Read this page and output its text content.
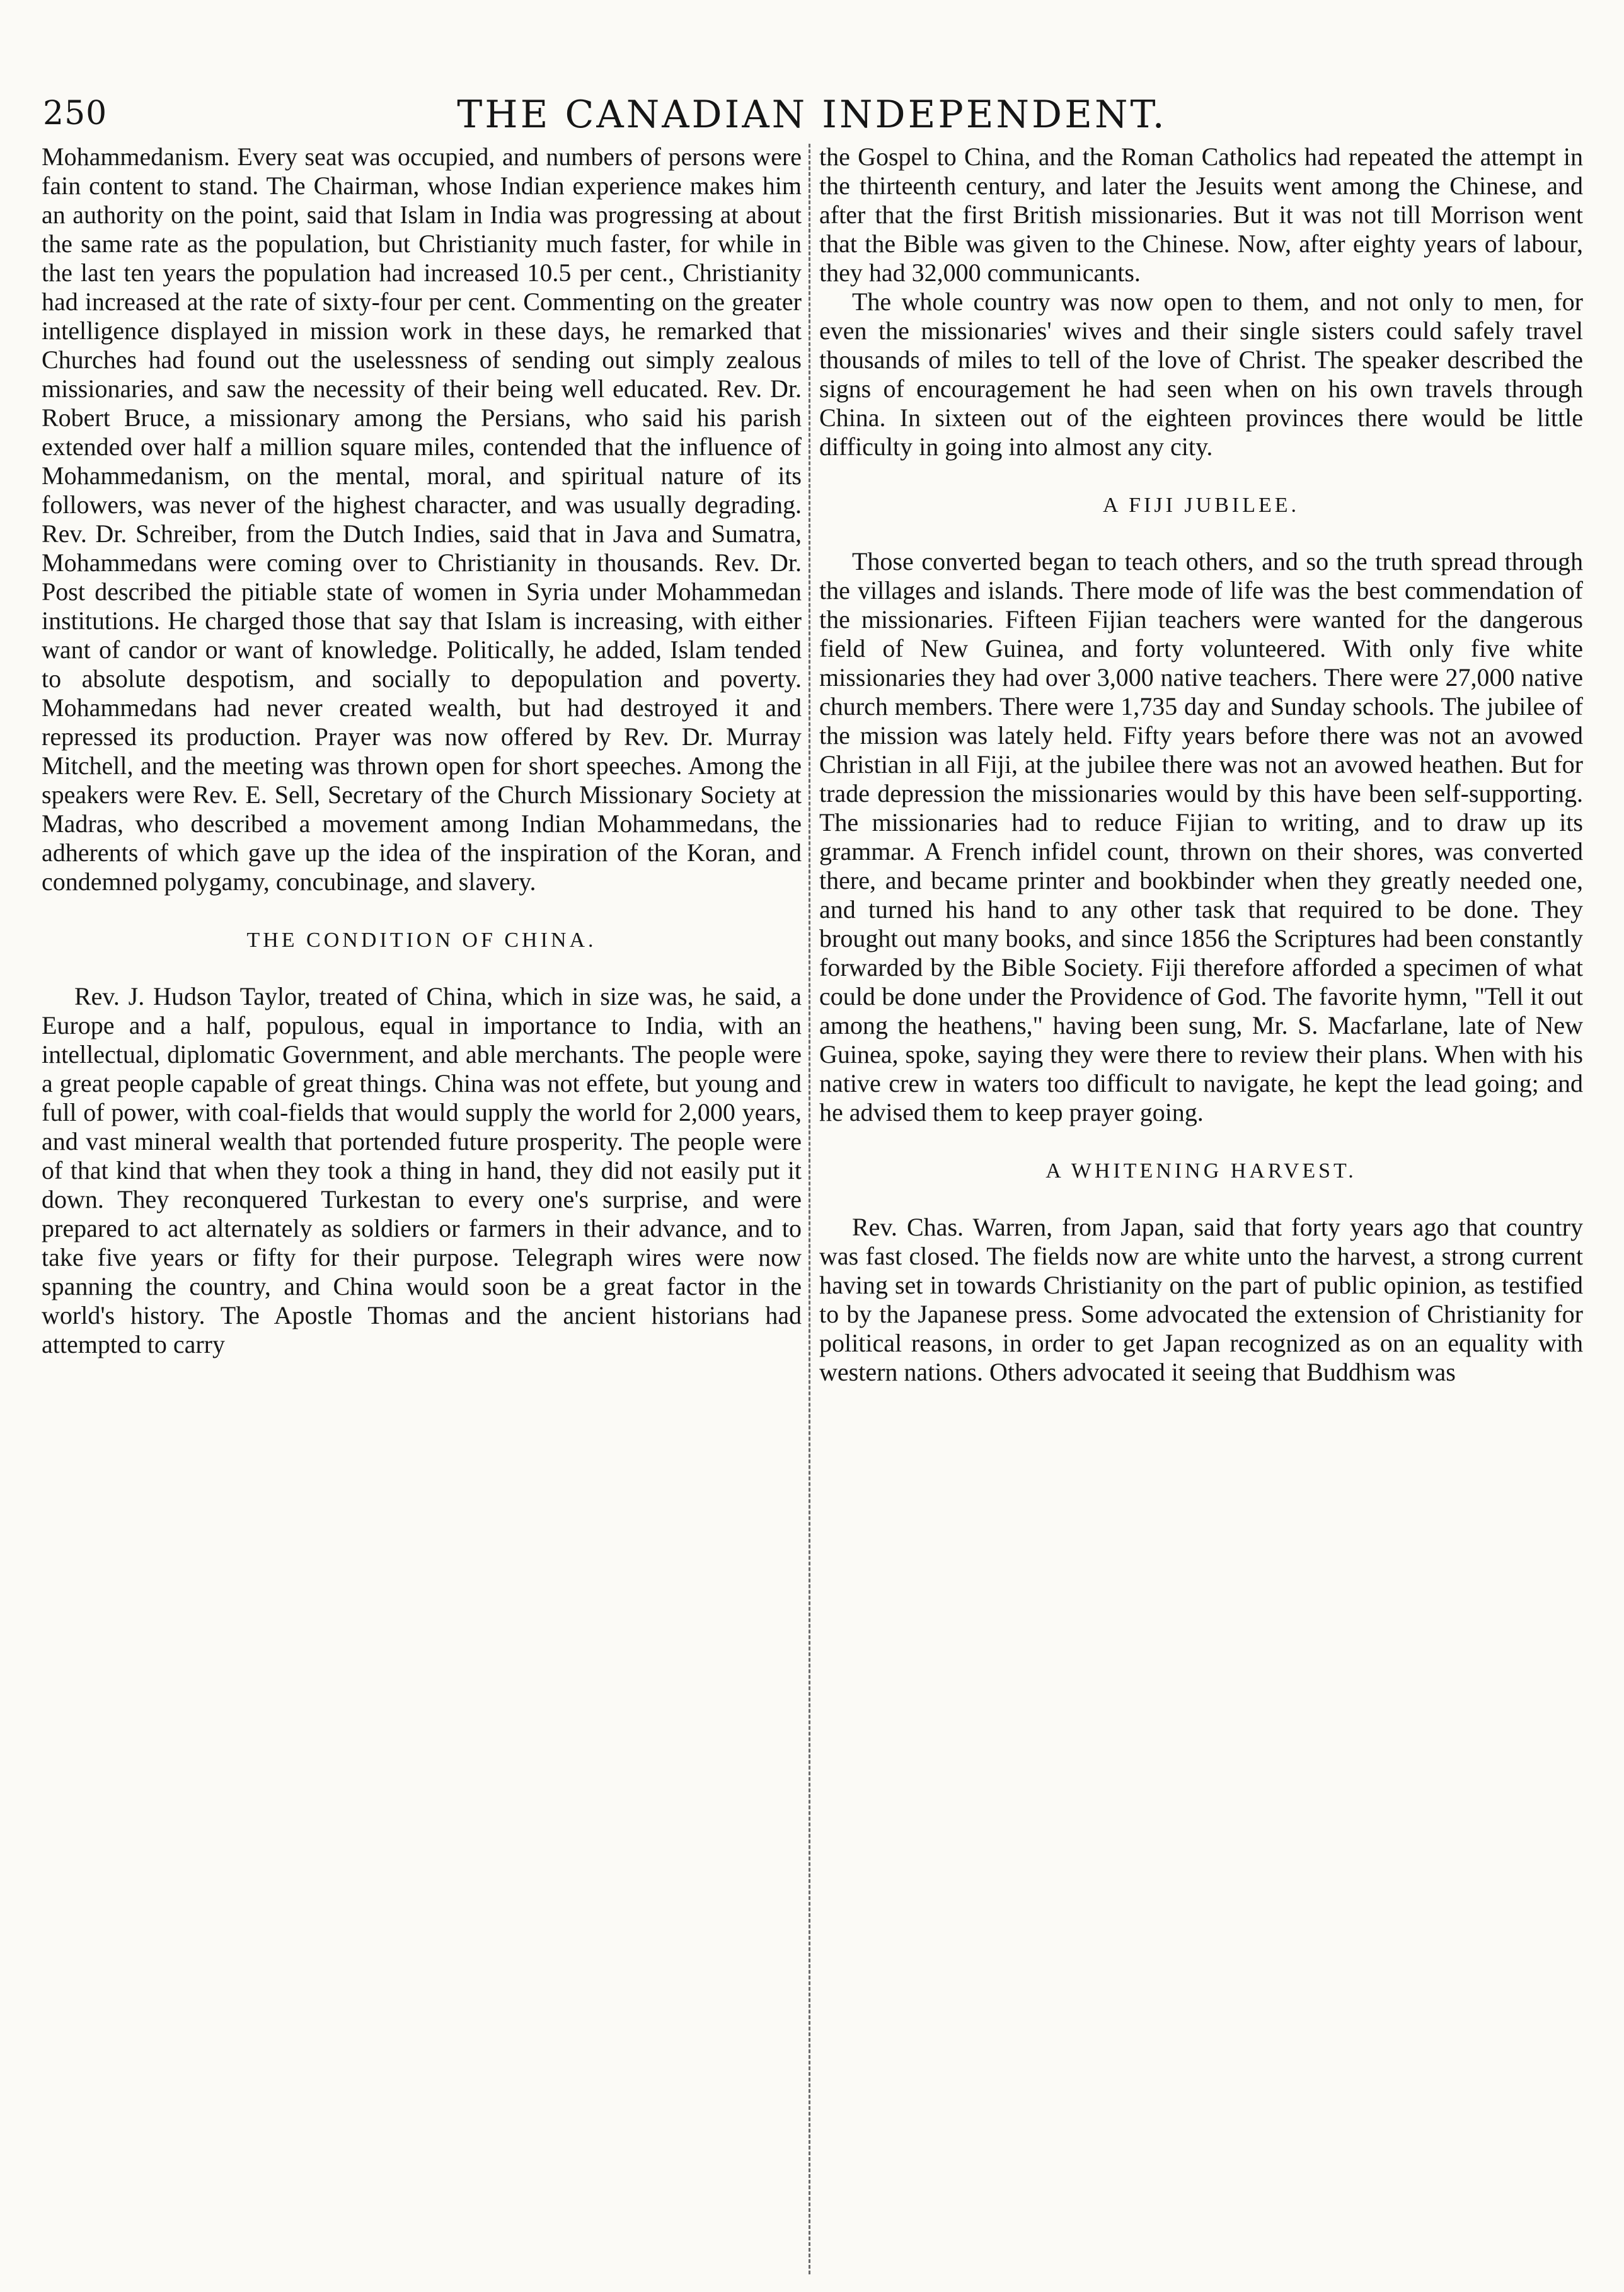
250	THE CANADIAN INDEPENDENT.

Mohammedanism. Every seat was occupied, and numbers of persons were fain content to stand. The Chairman, whose Indian experience makes him an authority on the point, said that Islam in India was progressing at about the same rate as the population, but Christianity much faster, for while in the last ten years the population had increased 10.5 per cent., Christianity had increased at the rate of sixty-four per cent. Commenting on the greater intelligence displayed in mission work in these days, he remarked that Churches had found out the uselessness of sending out simply zealous missionaries, and saw the necessity of their being well educated. Rev. Dr. Robert Bruce, a missionary among the Persians, who said his parish extended over half a million square miles, contended that the influence of Mohammedanism, on the mental, moral, and spiritual nature of its followers, was never of the highest character, and was usually degrading. Rev. Dr. Schreiber, from the Dutch Indies, said that in Java and Sumatra, Mohammedans were coming over to Christianity in thousands. Rev. Dr. Post described the pitiable state of women in Syria under Mohammedan institutions. He charged those that say that Islam is increasing, with either want of candor or want of knowledge. Politically, he added, Islam tended to absolute despotism, and socially to depopulation and poverty. Mohammedans had never created wealth, but had destroyed it and repressed its production. Prayer was now offered by Rev. Dr. Murray Mitchell, and the meeting was thrown open for short speeches. Among the speakers were Rev. E. Sell, Secretary of the Church Missionary Society at Madras, who described a movement among Indian Mohammedans, the adherents of which gave up the idea of the inspiration of the Koran, and condemned polygamy, concubinage, and slavery.

THE CONDITION OF CHINA.

Rev. J. Hudson Taylor, treated of China, which in size was, he said, a Europe and a half, populous, equal in importance to India, with an intellectual, diplomatic Government, and able merchants. The people were a great people capable of great things. China was not effete, but young and full of power, with coal-fields that would supply the world for 2,000 years, and vast mineral wealth that portended future prosperity. The people were of that kind that when they took a thing in hand, they did not easily put it down. They reconquered Turkestan to every one's surprise, and were prepared to act alternately as soldiers or farmers in their advance, and to take five years or fifty for their purpose. Telegraph wires were now spanning the country, and China would soon be a great factor in the world's history. The Apostle Thomas and the ancient historians had attempted to carry

the Gospel to China, and the Roman Catholics had repeated the attempt in the thirteenth century, and later the Jesuits went among the Chinese, and after that the first British missionaries. But it was not till Morrison went that the Bible was given to the Chinese. Now, after eighty years of labour, they had 32,000 communicants.

The whole country was now open to them, and not only to men, for even the missionaries' wives and their single sisters could safely travel thousands of miles to tell of the love of Christ. The speaker described the signs of encouragement he had seen when on his own travels through China. In sixteen out of the eighteen provinces there would be little difficulty in going into almost any city.

A FIJI JUBILEE.

Those converted began to teach others, and so the truth spread through the villages and islands. There mode of life was the best commendation of the missionaries. Fifteen Fijian teachers were wanted for the dangerous field of New Guinea, and forty volunteered. With only five white missionaries they had over 3,000 native teachers. There were 27,000 native church members. There were 1,735 day and Sunday schools. The jubilee of the mission was lately held. Fifty years before there was not an avowed Christian in all Fiji, at the jubilee there was not an avowed heathen. But for trade depression the missionaries would by this have been self-supporting. The missionaries had to reduce Fijian to writing, and to draw up its grammar. A French infidel count, thrown on their shores, was converted there, and became printer and bookbinder when they greatly needed one, and turned his hand to any other task that required to be done. They brought out many books, and since 1856 the Scriptures had been constantly forwarded by the Bible Society. Fiji therefore afforded a specimen of what could be done under the Providence of God. The favorite hymn, "Tell it out among the heathens," having been sung, Mr. S. Macfarlane, late of New Guinea, spoke, saying they were there to review their plans. When with his native crew in waters too difficult to navigate, he kept the lead going; and he advised them to keep prayer going.

A WHITENING HARVEST.

Rev. Chas. Warren, from Japan, said that forty years ago that country was fast closed. The fields now are white unto the harvest, a strong current having set in towards Christianity on the part of public opinion, as testified to by the Japanese press. Some advocated the extension of Christianity for political reasons, in order to get Japan recognized as on an equality with western nations. Others advocated it seeing that Buddhism was
